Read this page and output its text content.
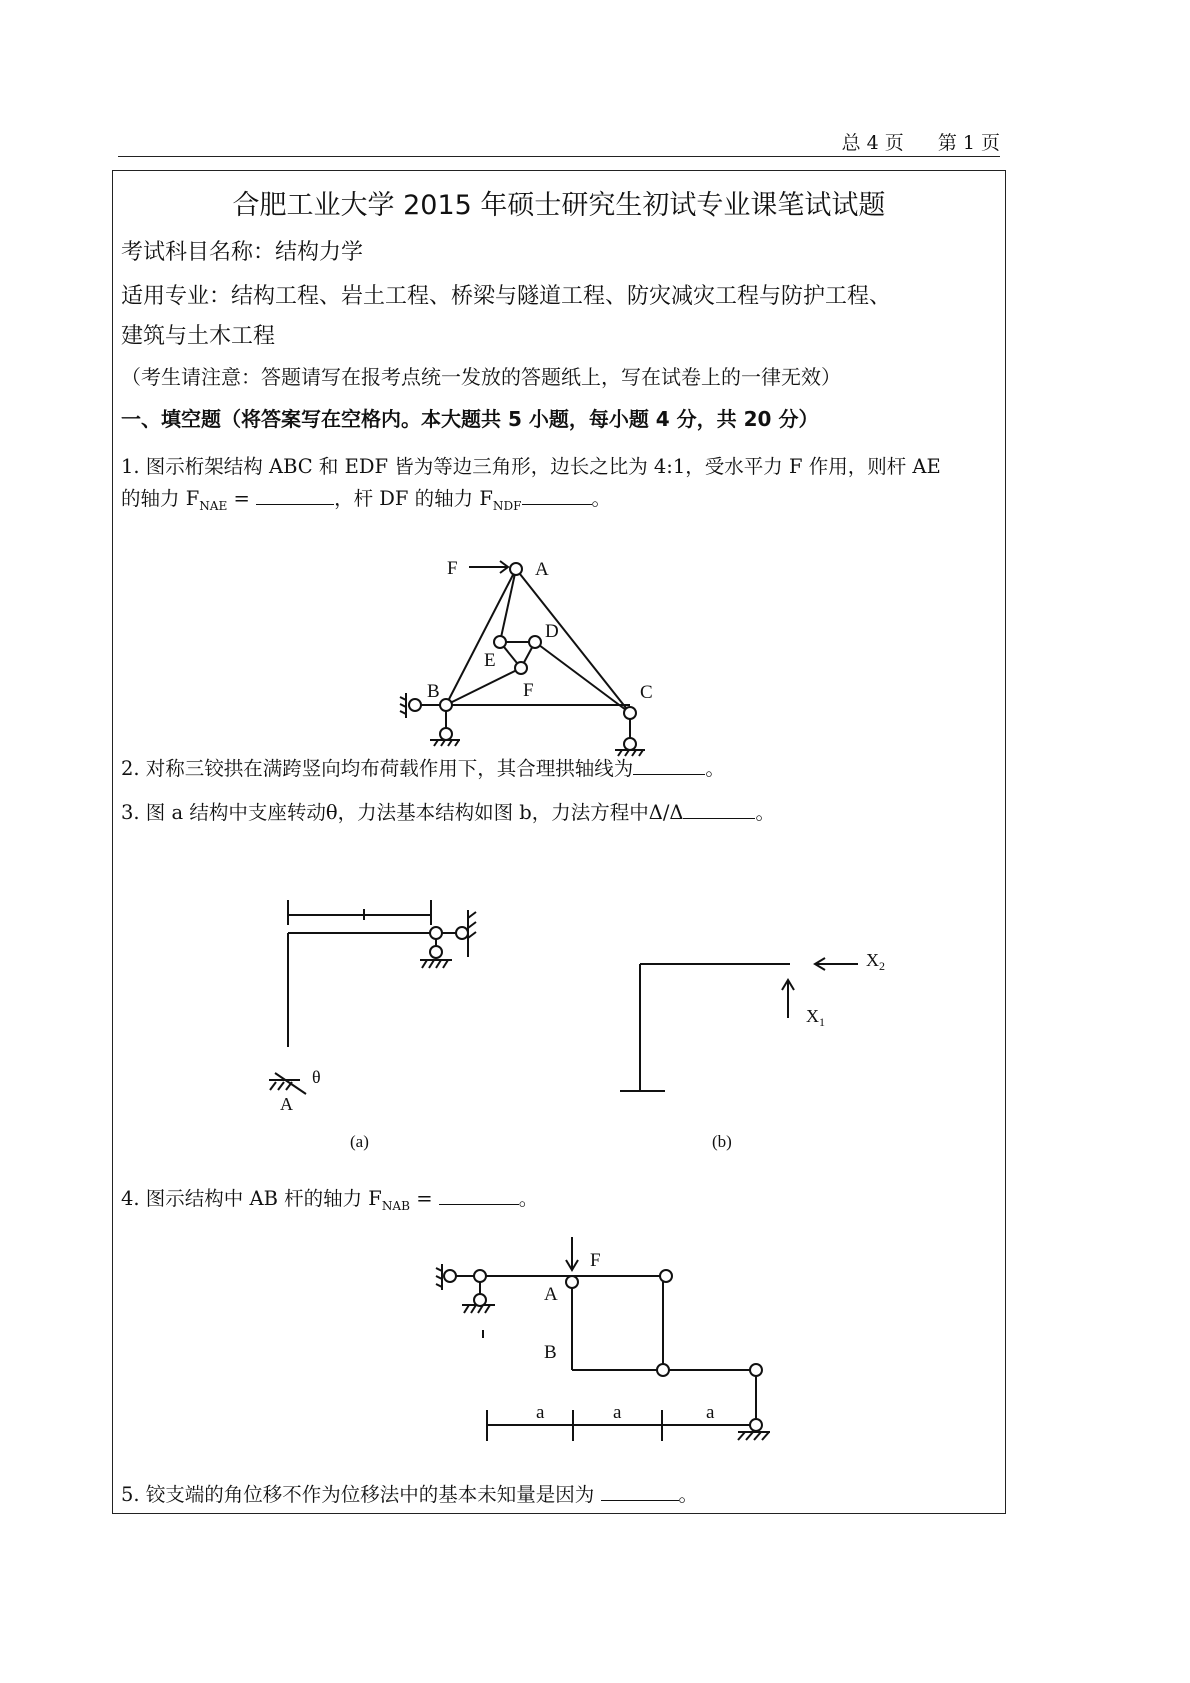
总 4 页 第 1 页
合肥工业大学 2015 年硕士研究生初试专业课笔试试题
考试科目名称：结构力学
适用专业：结构工程、岩土工程、桥梁与隧道工程、防灾减灾工程与防护工程、
建筑与土木工程
（考生请注意：答题请写在报考点统一发放的答题纸上，写在试卷上的一律无效）
一、填空题（将答案写在空格内。本大题共 5 小题，每小题 4 分，共 20 分）
1. 图示桁架结构 ABC 和 EDF 皆为等边三角形，边长之比为 4:1，受水平力 F 作用，则杆 AE
的轴力 $F_{NAE}$ =	，杆 DF 的轴力 $F_{NDF}$	。
2. 对称三铰拱在满跨竖向均布荷载作用下，其合理拱轴线为	。
3. 图 a 结构中支座转动θ，力法基本结构如图 b，力法方程中Δ/Δ	。
4. 图示结构中 AB 杆的轴力 $F_{NAB}$ =	。
5. 铰支端的角位移不作为位移法中的基本未知量是因为	。
F	A
B	C
D
E
F
θ
A
(a)
$X_2$
$X_1$
(b)
F
A
B
a	a	a
